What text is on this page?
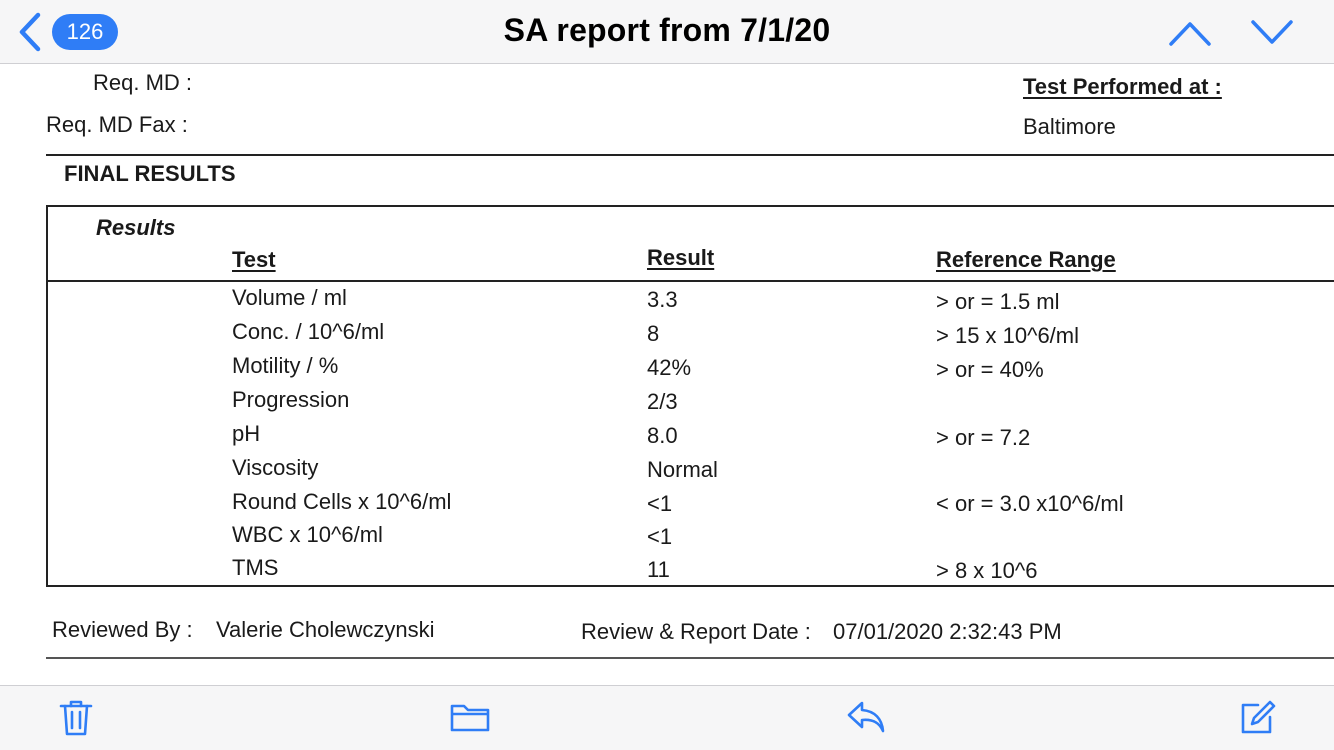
126	SA report from 7/1/20
Req. MD :
Req. MD Fax :
Test Performed at :
Baltimore
FINAL RESULTS
Results
Test	Result	Reference Range
Volume / ml	3.3	> or = 1.5 ml
Conc. / 10^6/ml	8	> 15 x 10^6/ml
Motility / %	42%	> or = 40%
Progression	2/3
pH	8.0	> or = 7.2
Viscosity	Normal
Round Cells x 10^6/ml	<1	< or = 3.0 x10^6/ml
WBC x 10^6/ml	<1
TMS	11	> 8 x 10^6
Reviewed By : Valerie Cholewczynski	Review & Report Date : 07/01/2020 2:32:43 PM
